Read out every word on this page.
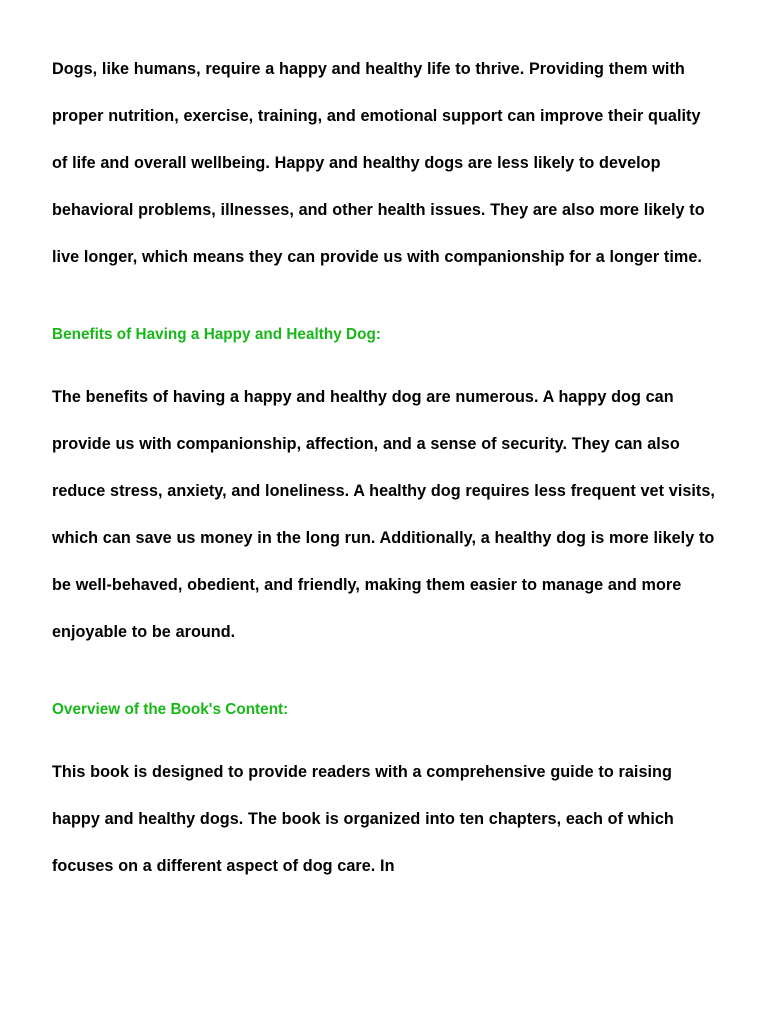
Dogs, like humans, require a happy and healthy life to thrive. Providing them with proper nutrition, exercise, training, and emotional support can improve their quality of life and overall wellbeing. Happy and healthy dogs are less likely to develop behavioral problems, illnesses, and other health issues. They are also more likely to live longer, which means they can provide us with companionship for a longer time.

Benefits of Having a Happy and Healthy Dog:

The benefits of having a happy and healthy dog are numerous. A happy dog can provide us with companionship, affection, and a sense of security. They can also reduce stress, anxiety, and loneliness. A healthy dog requires less frequent vet visits, which can save us money in the long run. Additionally, a healthy dog is more likely to be well-behaved, obedient, and friendly, making them easier to manage and more enjoyable to be around.

Overview of the Book's Content:

This book is designed to provide readers with a comprehensive guide to raising happy and healthy dogs. The book is organized into ten chapters, each of which focuses on a different aspect of dog care. In
